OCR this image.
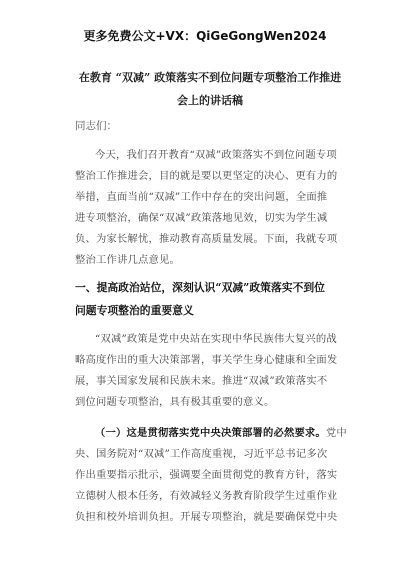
更多免费公文+VX：QiGeGongWen2024
在教育 “双减” 政策落实不到位问题专项整治工作推进
会上的讲话稿
同志们：
今天，我们召开教育“双减”政策落实不到位问题专项
整治工作推进会，目的就是要以更坚定的决心、更有力的
举措，直面当前“双减”工作中存在的突出问题，全面推
进专项整治，确保“双减”政策落地见效，切实为学生减
负、为家长解忧，推动教育高质量发展。下面，我就专项
整治工作讲几点意见。
一、提高政治站位，深刻认识“双减”政策落实不到位
问题专项整治的重要意义
“双减”政策是党中央站在实现中华民族伟大复兴的战
略高度作出的重大决策部署，事关学生身心健康和全面发
展，事关国家发展和民族未来。推进“双减”政策落实不
到位问题专项整治，具有极其重要的意义。
（一）这是贯彻落实党中央决策部署的必然要求。党中
央、国务院对“双减”工作高度重视，习近平总书记多次
作出重要指示批示，强调要全面贯彻党的教育方针，落实
立德树人根本任务，有效减轻义务教育阶段学生过重作业
负担和校外培训负担。开展专项整治，就是要确保党中央
